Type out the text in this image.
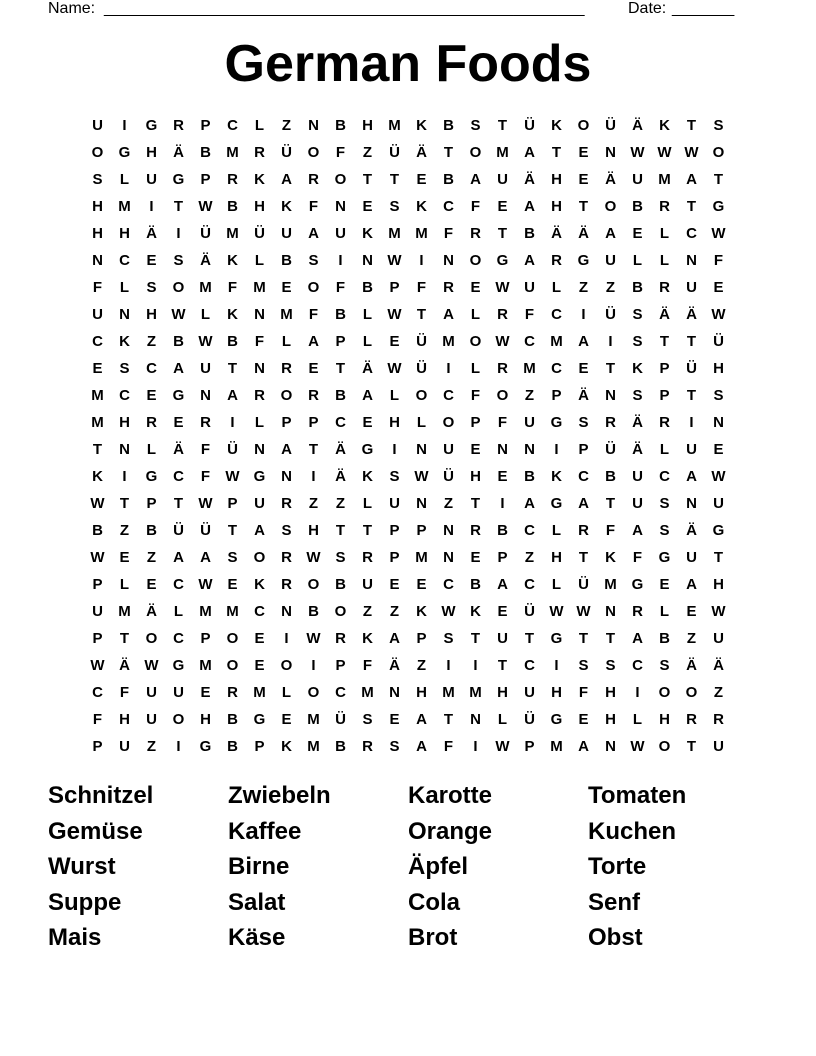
Name: ______________________________________________________	Date: _______
German Foods
U	I	G	R	P	C	L	Z	N	B	H	M	K	B	S	T	Ü	K	O	Ü	Ä	K	T	S
O	G	H	Ä	B	M	R	Ü	O	F	Z	Ü	Ä	T	O M	A	T	E	N W W W O
S	L	U	G	P	R	K	A	R	O	T	T	E	B	A	U	Ä	H	E	Ä	U	M	A	T
H	M	I	T	W B	H	K	F	N	E	S	K	C	F	E	A	H	T	O	B	R	T	G
H	H	Ä	I	Ü	M	Ü	U	A	U	K	M M	F	R	T	B	Ä	Ä	A	E	L	C W
N	C	E	S	Ä	K	L	B	S	I	N W	I	N	O	G	A	R	G	U	L	L	N	F
F	L	S	O M	F	M	E	O	F	B	P	F	R	E W U	L	Z	Z	B	R	U	E
U	N	H W	L	K	N	M	F	B	L	W	T	A	L	R	F	C	I	Ü	S	Ä	Ä W
C	K	Z	B W B	F	L	A	P	L	E	Ü	M O W C	M	A	I	S	T	T	Ü
E	S	C	A	U	T	N	R	E	T	Ä W Ü	I	L	R	M	C	E	T	K	P	Ü	H
M	C	E	G	N	A	R	O	R	B	A	L	O	C	F	O	Z	P	Ä	N	S	P	T	S
M	H	R	E	R	I	L	P	P	C	E	H	L	O	P	F	U	G	S	R	Ä	R	I	N
T	N	L	Ä	F	Ü	N	A	T	Ä	G	I	N	U	E	N	N	I	P	Ü	Ä	L	U	E
K	I	G	C	F	W G	N	I	Ä	K	S W Ü	H	E	B	K	C	B	U	C	A W
W	T	P	T	W P	U	R	Z	Z	L	U	N	Z	T	I	A	G	A	T	U	S	N	U
B	Z	B	Ü	Ü	T	A	S	H	T	T	P	P	N	R	B	C	L	R	F	A	S	Ä	G
W E	Z	A	A	S	O	R W S	R	P	M	N	E	P	Z	H	T	K	F	G	U	T
P	L	E	C W E	K	R	O	B	U	E	E	C	B	A	C	L	Ü	M G	E	A	H
U	M	Ä	L	M M	C	N	B	O	Z	Z	K W K	E	Ü W W N	R	L	E W
P	T	O	C	P	O	E	I	W R	K	A	P	S	T	U	T	G	T	T	A	B	Z	U
W Ä W G M O	E	O	I	P	F	Ä	Z	I	I	T	C	I	S	S	C	S	Ä	Ä
C	F	U	U	E	R	M	L	O	C	M	N	H	M M	H	U	H	F	H	I	O	O	Z
F	H	U	O	H	B	G	E	M	Ü	S	E	A	T	N	L	Ü	G	E	H	L	H	R	R
P	U	Z	I	G	B	P	K	M	B	R	S	A	F	I	W P	M	A	N W O	T	U
Schnitzel	Zwiebeln	Karotte	Tomaten
Gemüse	Kaffee	Orange	Kuchen
Wurst	Birne	Äpfel	Torte
Suppe	Salat	Cola	Senf
Mais	Käse	Brot	Obst
